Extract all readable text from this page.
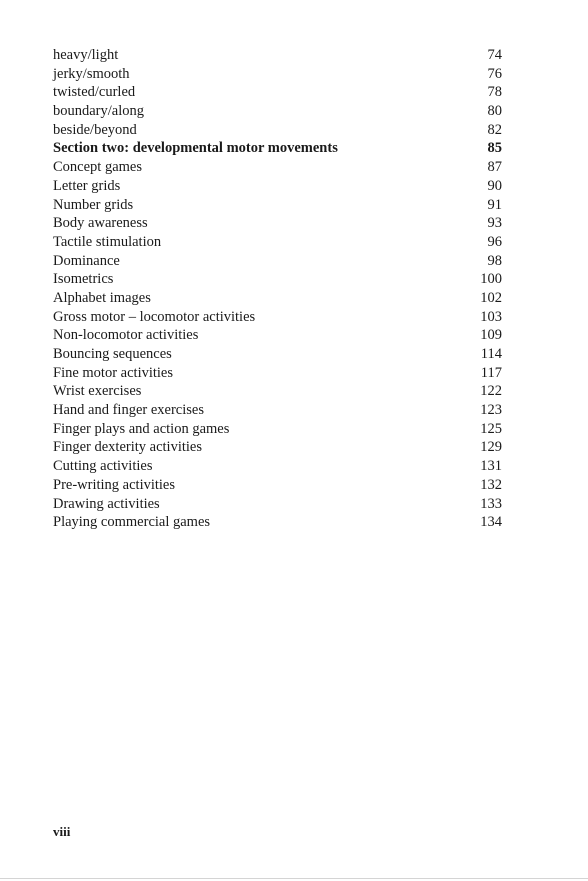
heavy/light	74
jerky/smooth	76
twisted/curled	78
boundary/along	80
beside/beyond	82
Section two: developmental motor movements	85
Concept games	87
Letter grids	90
Number grids	91
Body awareness	93
Tactile stimulation	96
Dominance	98
Isometrics	100
Alphabet images	102
Gross motor – locomotor activities	103
Non-locomotor activities	109
Bouncing sequences	114
Fine motor activities	117
Wrist exercises	122
Hand and finger exercises	123
Finger plays and action games	125
Finger dexterity activities	129
Cutting activities	131
Pre-writing activities	132
Drawing activities	133
Playing commercial games	134
viii
